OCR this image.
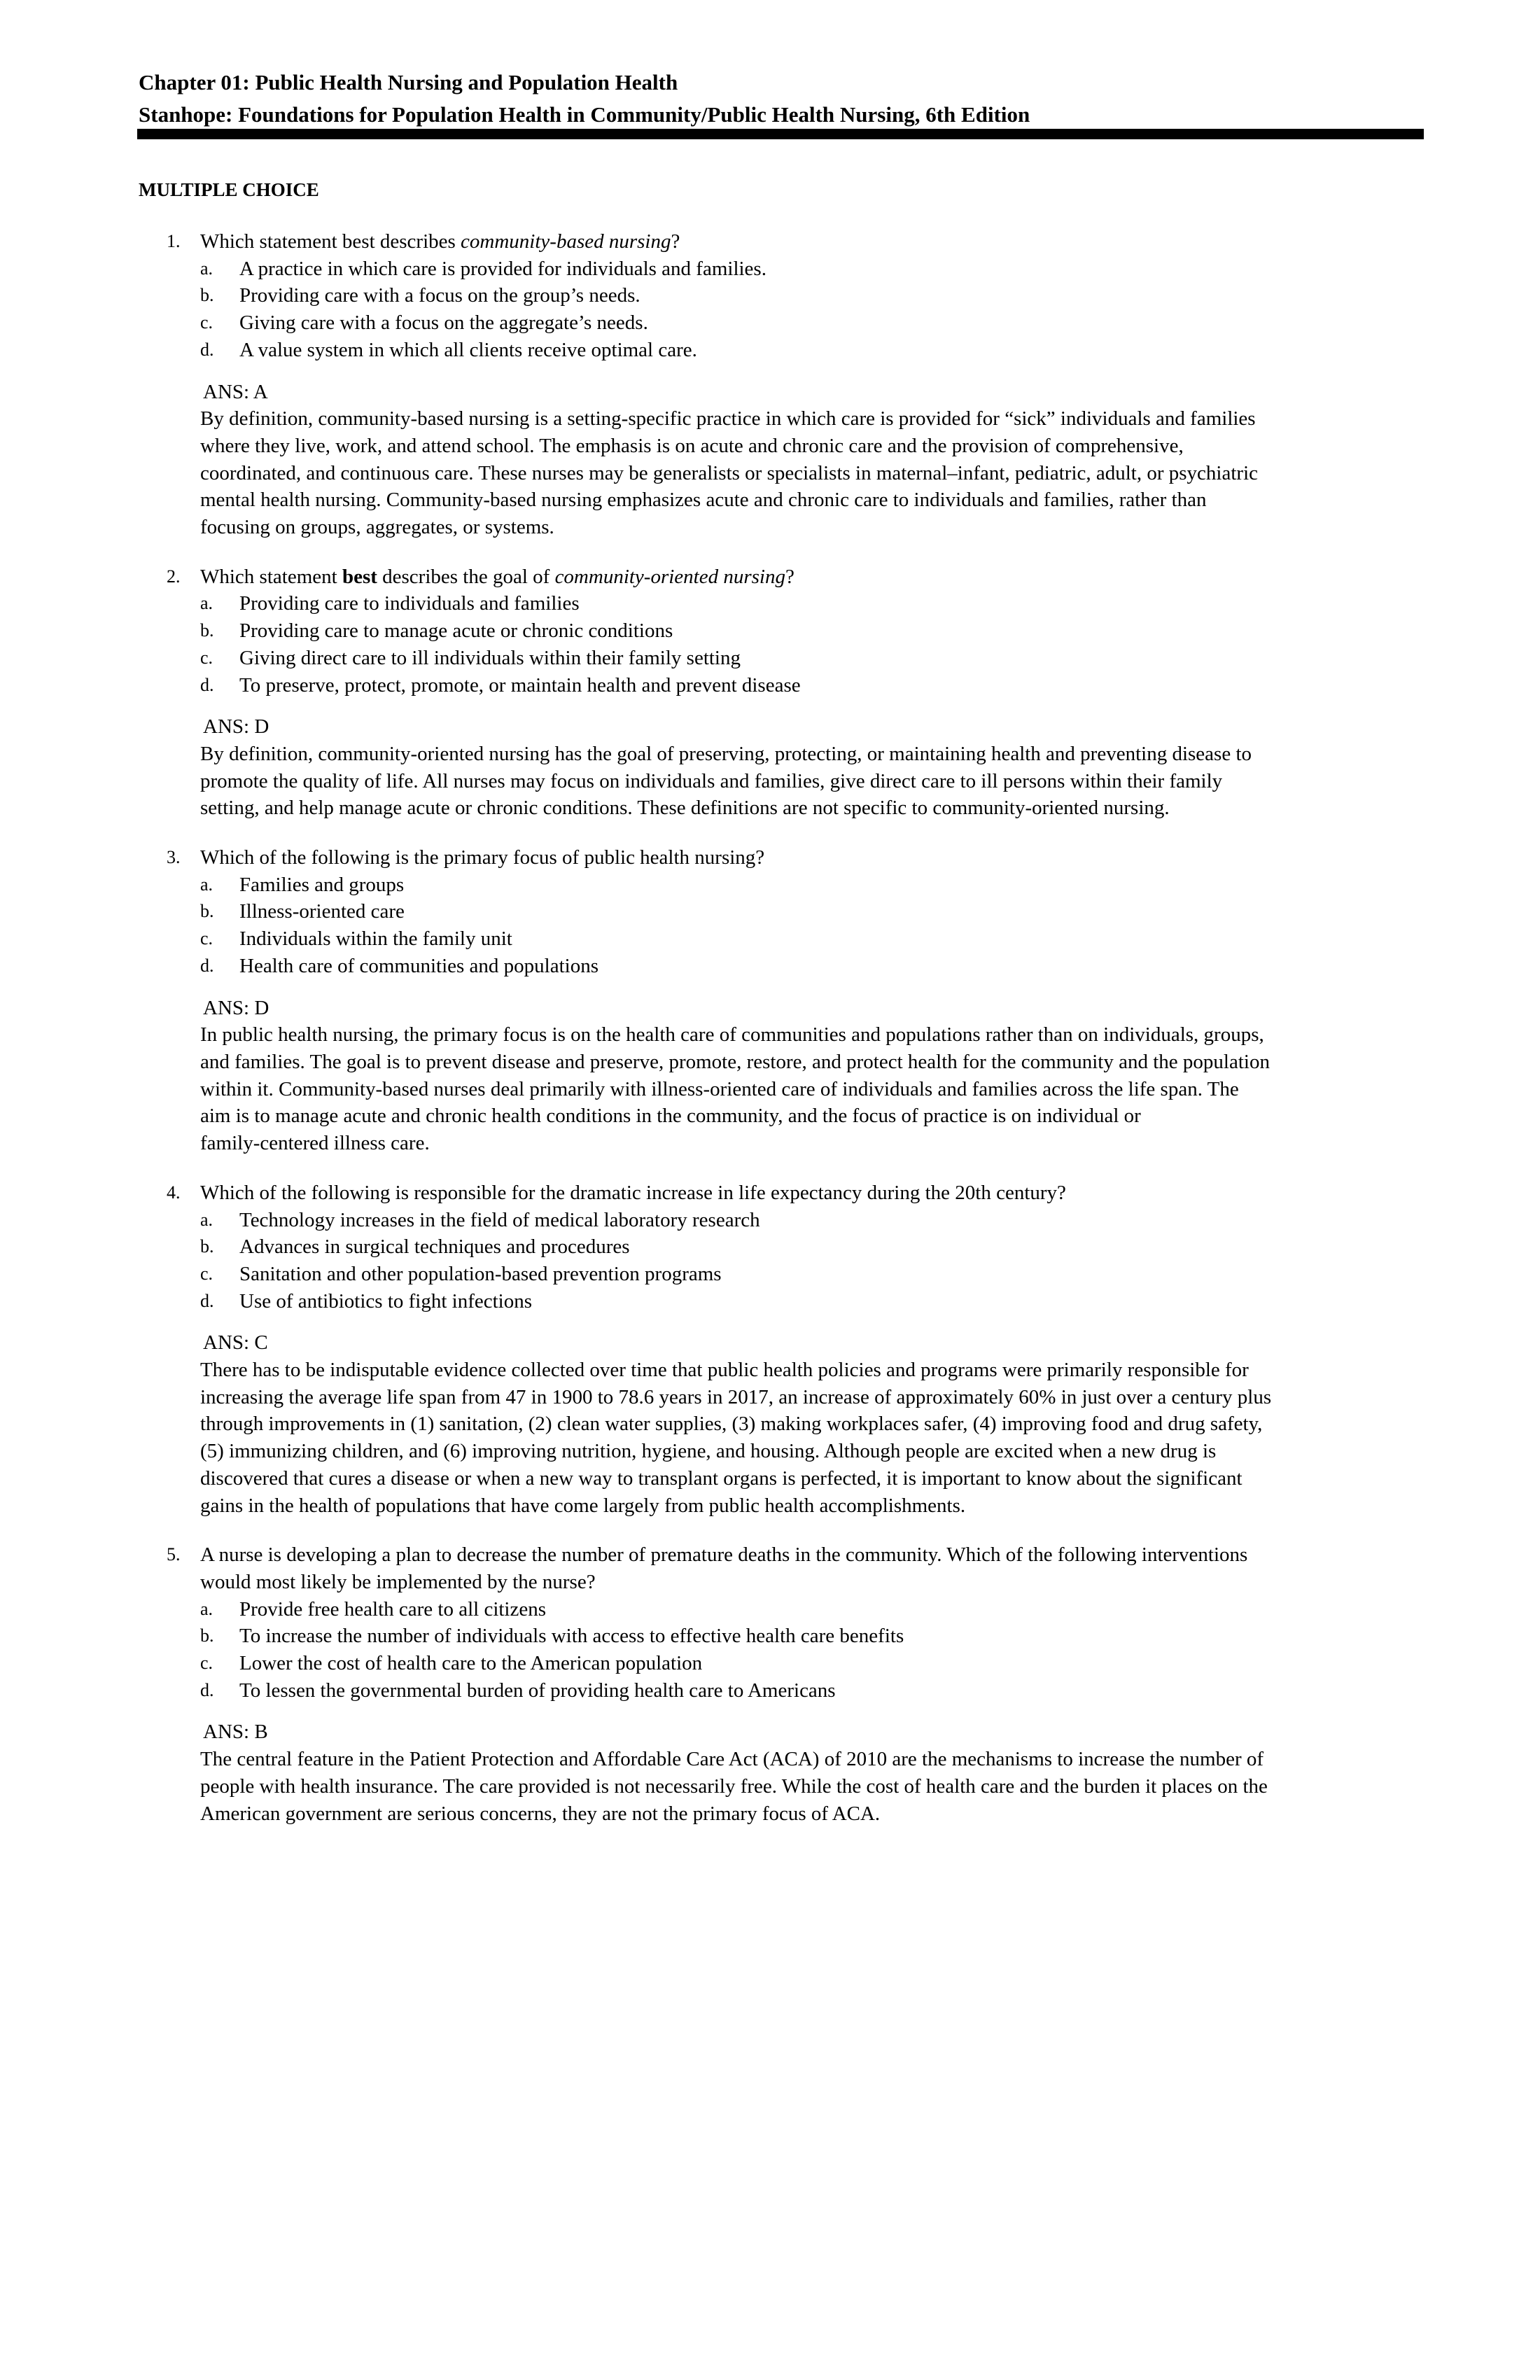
Chapter 01: Public Health Nursing and Population Health
Stanhope: Foundations for Population Health in Community/Public Health Nursing, 6th Edition
MULTIPLE CHOICE
1. Which statement best describes community-based nursing?
a. A practice in which care is provided for individuals and families.
b. Providing care with a focus on the group’s needs.
c. Giving care with a focus on the aggregate’s needs.
d. A value system in which all clients receive optimal care.
ANS: A
By definition, community-based nursing is a setting-specific practice in which care is provided for “sick” individuals and families
where they live, work, and attend school. The emphasis is on acute and chronic care and the provision of comprehensive,
coordinated, and continuous care. These nurses may be generalists or specialists in maternal–infant, pediatric, adult, or psychiatric
mental health nursing. Community-based nursing emphasizes acute and chronic care to individuals and families, rather than
focusing on groups, aggregates, or systems.
2. Which statement best describes the goal of community-oriented nursing?
a. Providing care to individuals and families
b. Providing care to manage acute or chronic conditions
c. Giving direct care to ill individuals within their family setting
d. To preserve, protect, promote, or maintain health and prevent disease
ANS: D
By definition, community-oriented nursing has the goal of preserving, protecting, or maintaining health and preventing disease to
promote the quality of life. All nurses may focus on individuals and families, give direct care to ill persons within their family
setting, and help manage acute or chronic conditions. These definitions are not specific to community-oriented nursing.
3. Which of the following is the primary focus of public health nursing?
a. Families and groups
b. Illness-oriented care
c. Individuals within the family unit
d. Health care of communities and populations
ANS: D
In public health nursing, the primary focus is on the health care of communities and populations rather than on individuals, groups,
and families. The goal is to prevent disease and preserve, promote, restore, and protect health for the community and the population
within it. Community-based nurses deal primarily with illness-oriented care of individuals and families across the life span. The
aim is to manage acute and chronic health conditions in the community, and the focus of practice is on individual or
family-centered illness care.
4. Which of the following is responsible for the dramatic increase in life expectancy during the 20th century?
a. Technology increases in the field of medical laboratory research
b. Advances in surgical techniques and procedures
c. Sanitation and other population-based prevention programs
d. Use of antibiotics to fight infections
ANS: C
There has to be indisputable evidence collected over time that public health policies and programs were primarily responsible for
increasing the average life span from 47 in 1900 to 78.6 years in 2017, an increase of approximately 60% in just over a century plus
through improvements in (1) sanitation, (2) clean water supplies, (3) making workplaces safer, (4) improving food and drug safety,
(5) immunizing children, and (6) improving nutrition, hygiene, and housing. Although people are excited when a new drug is
discovered that cures a disease or when a new way to transplant organs is perfected, it is important to know about the significant
gains in the health of populations that have come largely from public health accomplishments.
5. A nurse is developing a plan to decrease the number of premature deaths in the community. Which of the following interventions
would most likely be implemented by the nurse?
a. Provide free health care to all citizens
b. To increase the number of individuals with access to effective health care benefits
c. Lower the cost of health care to the American population
d. To lessen the governmental burden of providing health care to Americans
ANS: B
The central feature in the Patient Protection and Affordable Care Act (ACA) of 2010 are the mechanisms to increase the number of
people with health insurance. The care provided is not necessarily free. While the cost of health care and the burden it places on the
American government are serious concerns, they are not the primary focus of ACA.
